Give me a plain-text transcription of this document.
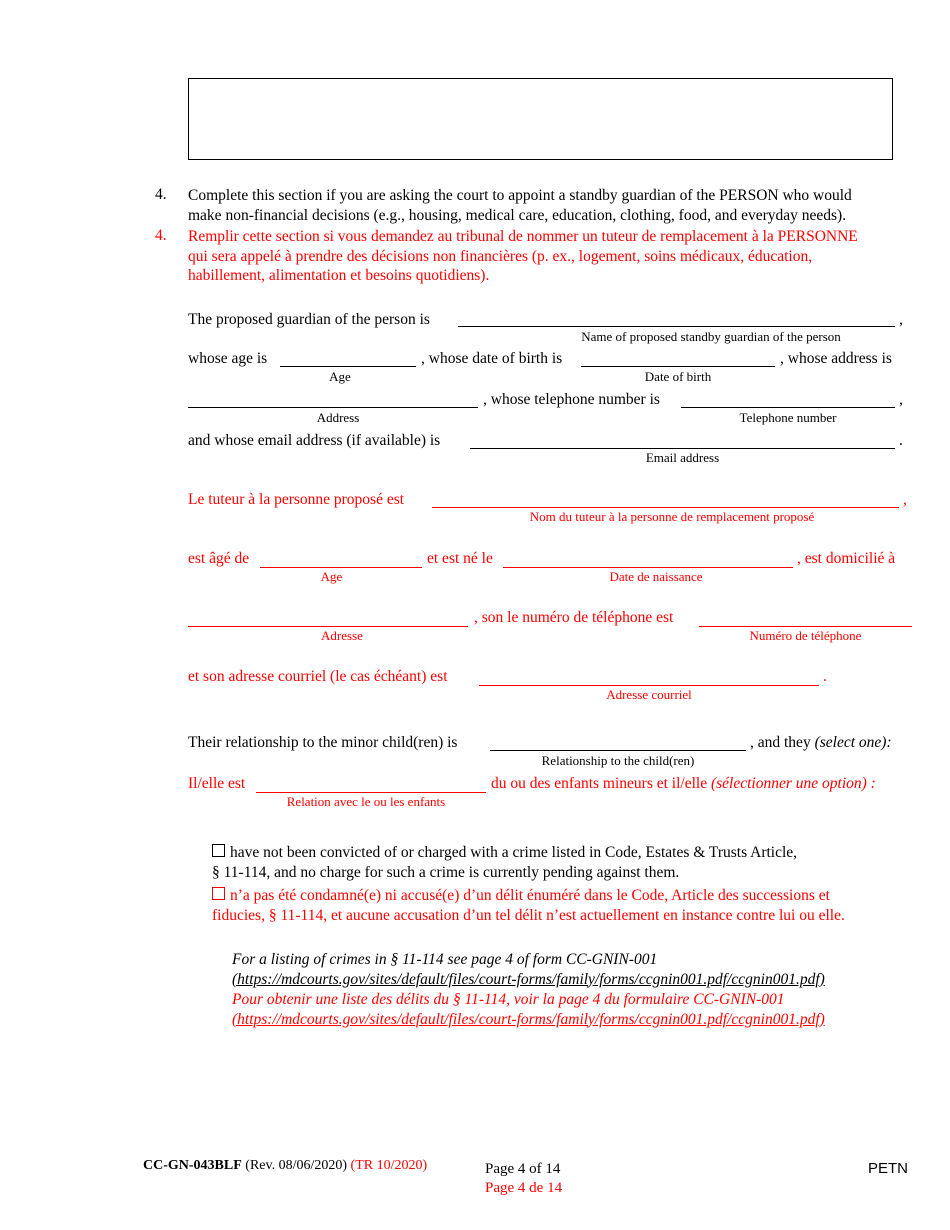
4. Complete this section if you are asking the court to appoint a standby guardian of the PERSON who would
make non-financial decisions (e.g., housing, medical care, education, clothing, food, and everyday needs).
4. Remplir cette section si vous demandez au tribunal de nommer un tuteur de remplacement à la PERSONNE
qui sera appelé à prendre des décisions non financières (p. ex., logement, soins médicaux, éducation,
habillement, alimentation et besoins quotidiens).
The proposed guardian of the person is	,
Name of proposed standby guardian of the person
whose age is	, whose date of birth is	, whose address is
Age	Date of birth
, whose telephone number is	,
Address	Telephone number
and whose email address (if available) is	.
Email address
Le tuteur à la personne proposé est	,
Nom du tuteur à la personne de remplacement proposé
est âgé de	et est né le	, est domicilié à
Age	Date de naissance
, son le numéro de téléphone est
Adresse	Numéro de téléphone
et son adresse courriel (le cas échéant) est	.
Adresse courriel
Their relationship to the minor child(ren) is	, and they (select one):
Relationship to the child(ren)
Il/elle est	du ou des enfants mineurs et il/elle (sélectionner une option) :
Relation avec le ou les enfants
have not been convicted of or charged with a crime listed in Code, Estates & Trusts Article,
§ 11-114, and no charge for such a crime is currently pending against them.
n’a pas été condamné(e) ni accusé(e) d’un délit énuméré dans le Code, Article des successions et
fiducies, § 11-114, et aucune accusation d’un tel délit n’est actuellement en instance contre lui ou elle.
For a listing of crimes in § 11-114 see page 4 of form CC-GNIN-001
(https://mdcourts.gov/sites/default/files/court-forms/family/forms/ccgnin001.pdf/ccgnin001.pdf)
Pour obtenir une liste des délits du § 11-114, voir la page 4 du formulaire CC-GNIN-001
(https://mdcourts.gov/sites/default/files/court-forms/family/forms/ccgnin001.pdf/ccgnin001.pdf)
CC-GN-043BLF (Rev. 08/06/2020) (TR 10/2020)	Page 4 of 14
Page 4 de 14
PETN
